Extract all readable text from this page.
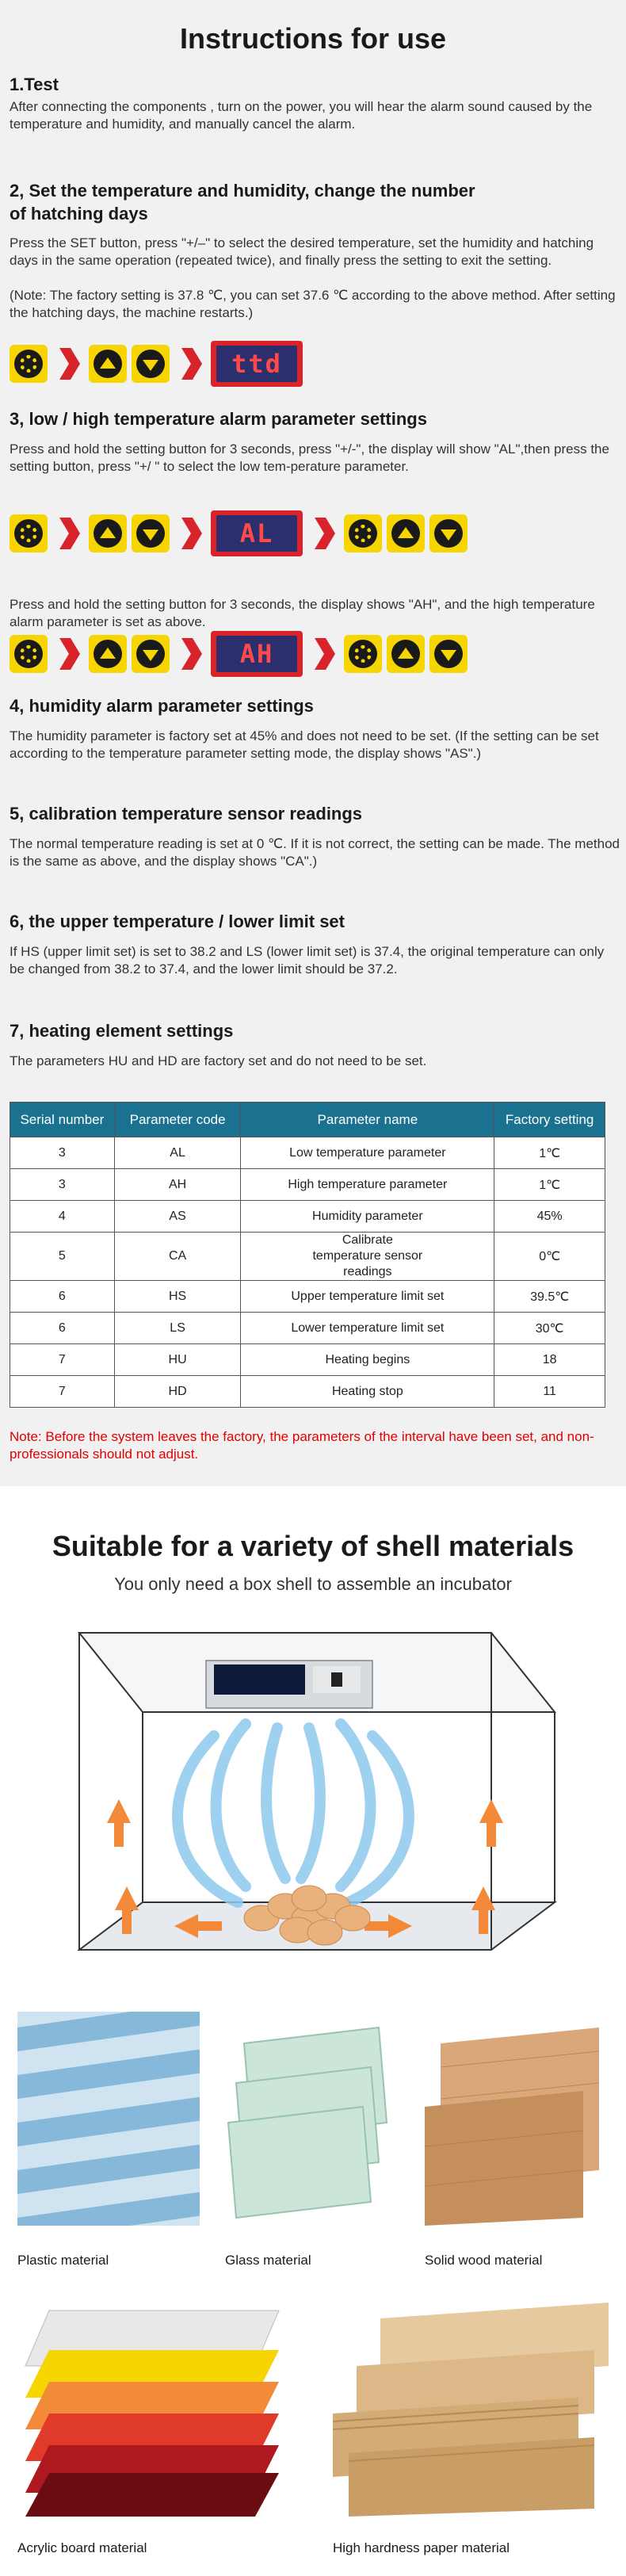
Instructions for use
1.Test
After connecting the components , turn on the power, you will hear the alarm sound caused by the temperature and humidity, and manually cancel the alarm.
2, Set the temperature and humidity, change the number
of hatching days
Press the SET button, press "+/–" to select the desired temperature, set the humidity and hatching days in the same operation (repeated twice), and finally press the setting to exit the setting.
(Note: The factory setting is 37.8 ℃, you can set 37.6 ℃ according to the above method. After setting the hatching days, the machine restarts.)
ttd
3, low / high temperature alarm parameter settings
Press and hold the setting button for 3 seconds, press "+/-", the display will show "AL",then press the setting button, press "+/ " to select the low tem-perature parameter.
AL
Press and hold the setting button for 3 seconds, the display shows "AH", and the high temperature alarm parameter is set as above.
AH
4, humidity alarm parameter settings
The humidity parameter is factory set at 45% and does not need to be set. (If the setting can be set according to the temperature parameter setting mode, the display shows "AS".)
5, calibration temperature sensor readings
The normal temperature reading is set at 0 ℃. If it is not correct, the setting can be made. The method is the same as above, and the display shows "CA".)
6, the upper temperature / lower limit set
If HS (upper limit set) is set to 38.2 and LS (lower limit set) is 37.4, the original temperature can only be changed from 38.2 to 37.4, and the lower limit should be 37.2.
7, heating element settings
The parameters HU and HD are factory set and do not need to be set.
Serial number	Parameter code	Parameter name	Factory setting
3	AL	Low temperature parameter	1℃
3	AH	High temperature parameter	1℃
4	AS	Humidity parameter	45%
5	CA	Calibrate temperature sensor readings	0℃
6	HS	Upper temperature limit set	39.5℃
6	LS	Lower temperature limit set	30℃
7	HU	Heating begins	18
7	HD	Heating stop	11
Note: Before the system leaves the factory, the parameters of the interval have been set, and non-professionals should not adjust.
Suitable for a variety of shell materials
You only need a box shell to assemble an incubator
Plastic material	Glass material	Solid wood material
Acrylic board material	High hardness paper material
